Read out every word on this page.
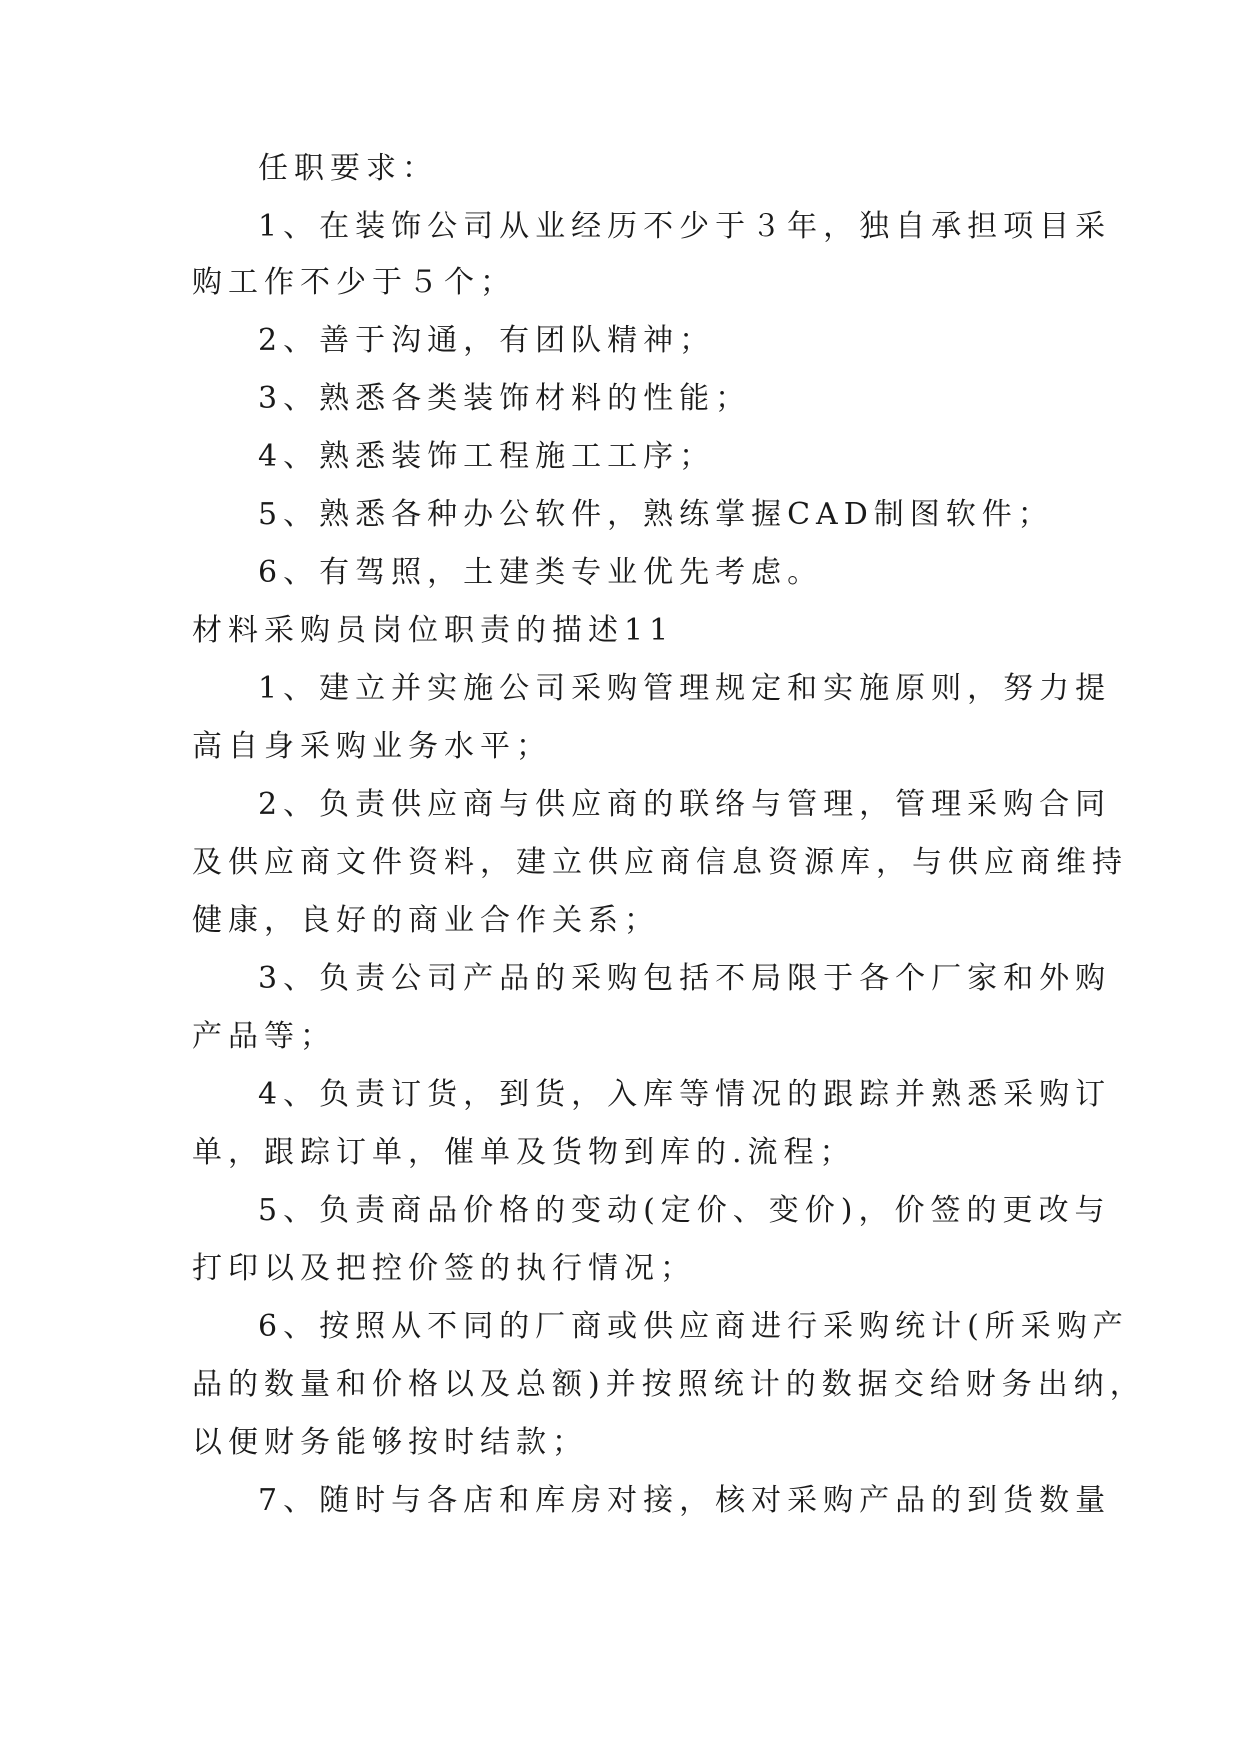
任职要求：
1、在装饰公司从业经历不少于３年，独自承担项目采
购工作不少于５个；
2、善于沟通，有团队精神；
3、熟悉各类装饰材料的性能；
4、熟悉装饰工程施工工序；
5、熟悉各种办公软件，熟练掌握CAD制图软件；
6、有驾照，土建类专业优先考虑。
材料采购员岗位职责的描述11
1、建立并实施公司采购管理规定和实施原则，努力提
高自身采购业务水平；
2、负责供应商与供应商的联络与管理，管理采购合同
及供应商文件资料，建立供应商信息资源库，与供应商维持
健康，良好的商业合作关系；
3、负责公司产品的采购包括不局限于各个厂家和外购
产品等；
4、负责订货，到货，入库等情况的跟踪并熟悉采购订
单，跟踪订单，催单及货物到库的.流程；
5、负责商品价格的变动(定价、变价)，价签的更改与
打印以及把控价签的执行情况；
6、按照从不同的厂商或供应商进行采购统计(所采购产
品的数量和价格以及总额)并按照统计的数据交给财务出纳，
以便财务能够按时结款；
7、随时与各店和库房对接，核对采购产品的到货数量
